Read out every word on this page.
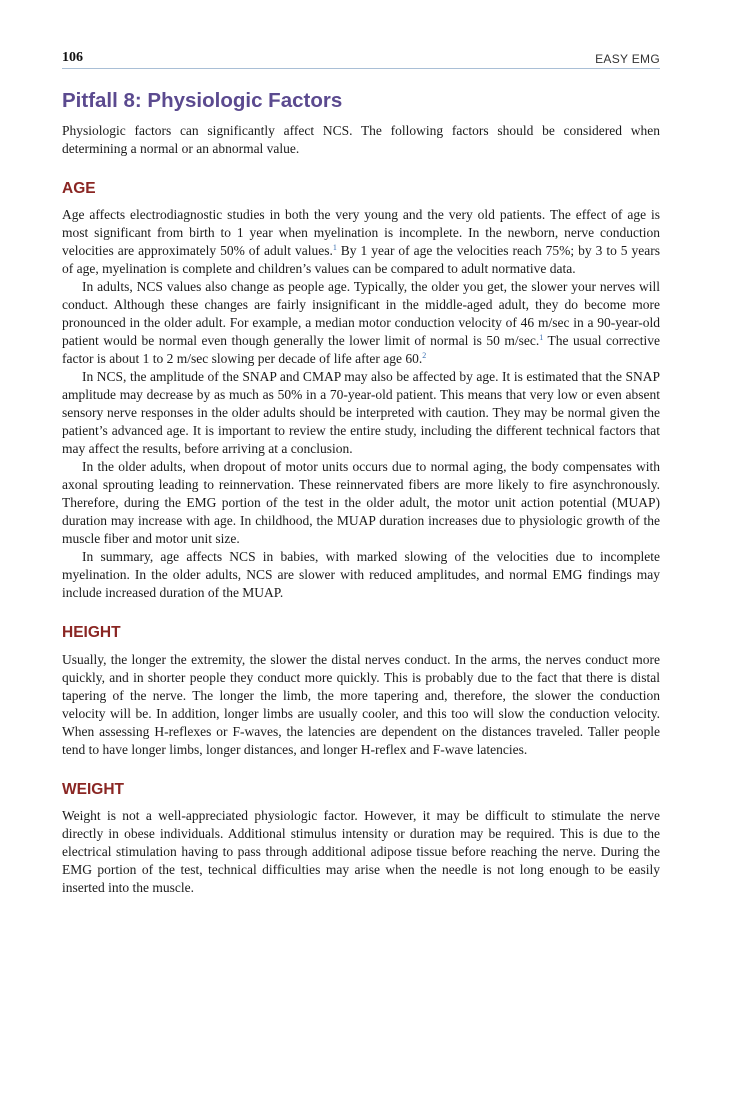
106	EASY EMG
Pitfall 8: Physiologic Factors

Physiologic factors can significantly affect NCS. The following factors should be considered when determining a normal or an abnormal value.

AGE

Age affects electrodiagnostic studies in both the very young and the very old patients. The effect of age is most significant from birth to 1 year when myelination is incomplete. In the newborn, nerve conduction velocities are approximately 50% of adult values.$^1$ By 1 year of age the velocities reach 75%; by 3 to 5 years of age, myelination is complete and children’s values can be compared to adult normative data.

In adults, NCS values also change as people age. Typically, the older you get, the slower your nerves will conduct. Although these changes are fairly insignificant in the middle-aged adult, they do become more pronounced in the older adult. For example, a median motor conduction velocity of 46 m/sec in a 90-year-old patient would be normal even though generally the lower limit of normal is 50 m/sec.$^1$ The usual corrective factor is about 1 to 2 m/sec slowing per decade of life after age 60.$^2$

In NCS, the amplitude of the SNAP and CMAP may also be affected by age. It is estimated that the SNAP amplitude may decrease by as much as 50% in a 70-year-old patient. This means that very low or even absent sensory nerve responses in the older adults should be interpreted with caution. They may be normal given the patient’s advanced age. It is important to review the entire study, including the different technical factors that may affect the results, before arriving at a conclusion.

In the older adults, when dropout of motor units occurs due to normal aging, the body compensates with axonal sprouting leading to reinnervation. These reinnervated fibers are more likely to fire asynchronously. Therefore, during the EMG portion of the test in the older adult, the motor unit action potential (MUAP) duration may increase with age. In childhood, the MUAP duration increases due to physiologic growth of the muscle fiber and motor unit size.

In summary, age affects NCS in babies, with marked slowing of the velocities due to incomplete myelination. In the older adults, NCS are slower with reduced amplitudes, and normal EMG findings may include increased duration of the MUAP.

HEIGHT

Usually, the longer the extremity, the slower the distal nerves conduct. In the arms, the nerves conduct more quickly, and in shorter people they conduct more quickly. This is probably due to the fact that there is distal tapering of the nerve. The longer the limb, the more tapering and, therefore, the slower the conduction velocity will be. In addition, longer limbs are usually cooler, and this too will slow the conduction velocity. When assessing H-reflexes or F-waves, the latencies are dependent on the distances traveled. Taller people tend to have longer limbs, longer distances, and longer H-reflex and F-wave latencies.

WEIGHT

Weight is not a well-appreciated physiologic factor. However, it may be difficult to stimulate the nerve directly in obese individuals. Additional stimulus intensity or duration may be required. This is due to the electrical stimulation having to pass through additional adipose tissue before reaching the nerve. During the EMG portion of the test, technical difficulties may arise when the needle is not long enough to be easily inserted into the muscle.
